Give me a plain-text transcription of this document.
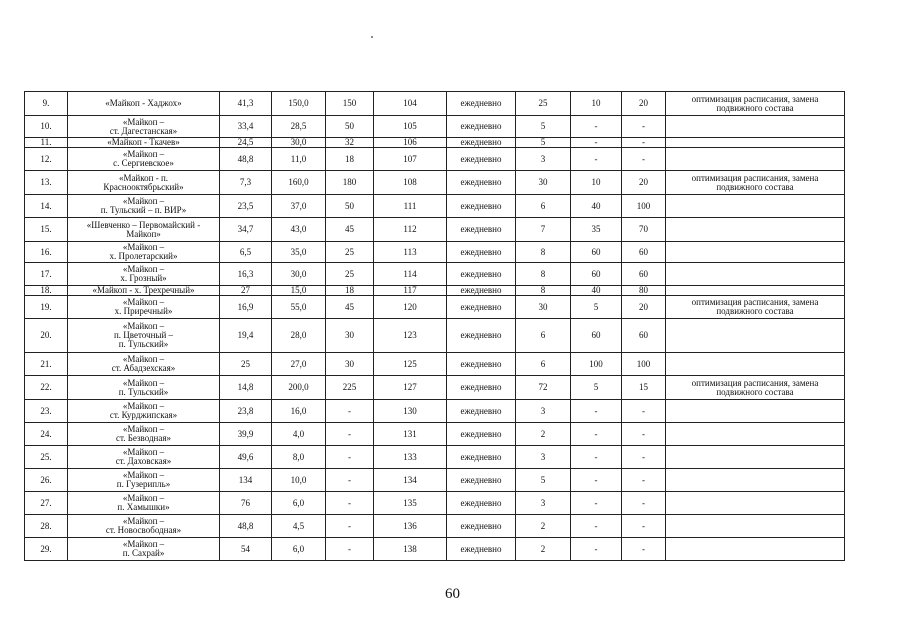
9.	«Майкоп - Хаджох»	41,3	150,0	150	104	ежедневно	25	10	20	оптимизация расписания, замена
подвижного состава
10.	«Майкоп –
ст. Дагестанская»	33,4	28,5	50	105	ежедневно	5	-	-	
11.	«Майкоп - Ткачев»	24,5	30,0	32	106	ежедневно	5	-	-	
12.	«Майкоп –
с. Сергиевское»	48,8	11,0	18	107	ежедневно	3	-	-	
13.	«Майкоп - п.
Краснооктябрьский»	7,3	160,0	180	108	ежедневно	30	10	20	оптимизация расписания, замена
подвижного состава
14.	«Майкоп –
п. Тульский – п. ВИР»	23,5	37,0	50	111	ежедневно	6	40	100	
15.	«Шевченко – Первомайский -
Майкоп»	34,7	43,0	45	112	ежедневно	7	35	70	
16.	«Майкоп –
х. Пролетарский»	6,5	35,0	25	113	ежедневно	8	60	60	
17.	«Майкоп –
х. Грозный»	16,3	30,0	25	114	ежедневно	8	60	60	
18.	«Майкоп - х. Трехречный»	27	15,0	18	117	ежедневно	8	40	80	
19.	«Майкоп –
х. Приречный»	16,9	55,0	45	120	ежедневно	30	5	20	оптимизация расписания, замена
подвижного состава
20.	«Майкоп –
п. Цветочный –
п. Тульский»	19,4	28,0	30	123	ежедневно	6	60	60	
21.	«Майкоп –
ст. Абадзехская»	25	27,0	30	125	ежедневно	6	100	100	
22.	«Майкоп –
п. Тульский»	14,8	200,0	225	127	ежедневно	72	5	15	оптимизация расписания, замена
подвижного состава
23.	«Майкоп –
ст. Курджипская»	23,8	16,0	-	130	ежедневно	3	-	-	
24.	«Майкоп –
ст. Безводная»	39,9	4,0	-	131	ежедневно	2	-	-	
25.	«Майкоп –
ст. Даховская»	49,6	8,0	-	133	ежедневно	3	-	-	
26.	«Майкоп –
п. Гузерипль»	134	10,0	-	134	ежедневно	5	-	-	
27.	«Майкоп –
п. Хамышки»	76	6,0	-	135	ежедневно	3	-	-	
28.	«Майкоп –
ст. Новосвободная»	48,8	4,5	-	136	ежедневно	2	-	-	
29.	«Майкоп –
п. Сахрай»	54	6,0	-	138	ежедневно	2	-	-	
60
